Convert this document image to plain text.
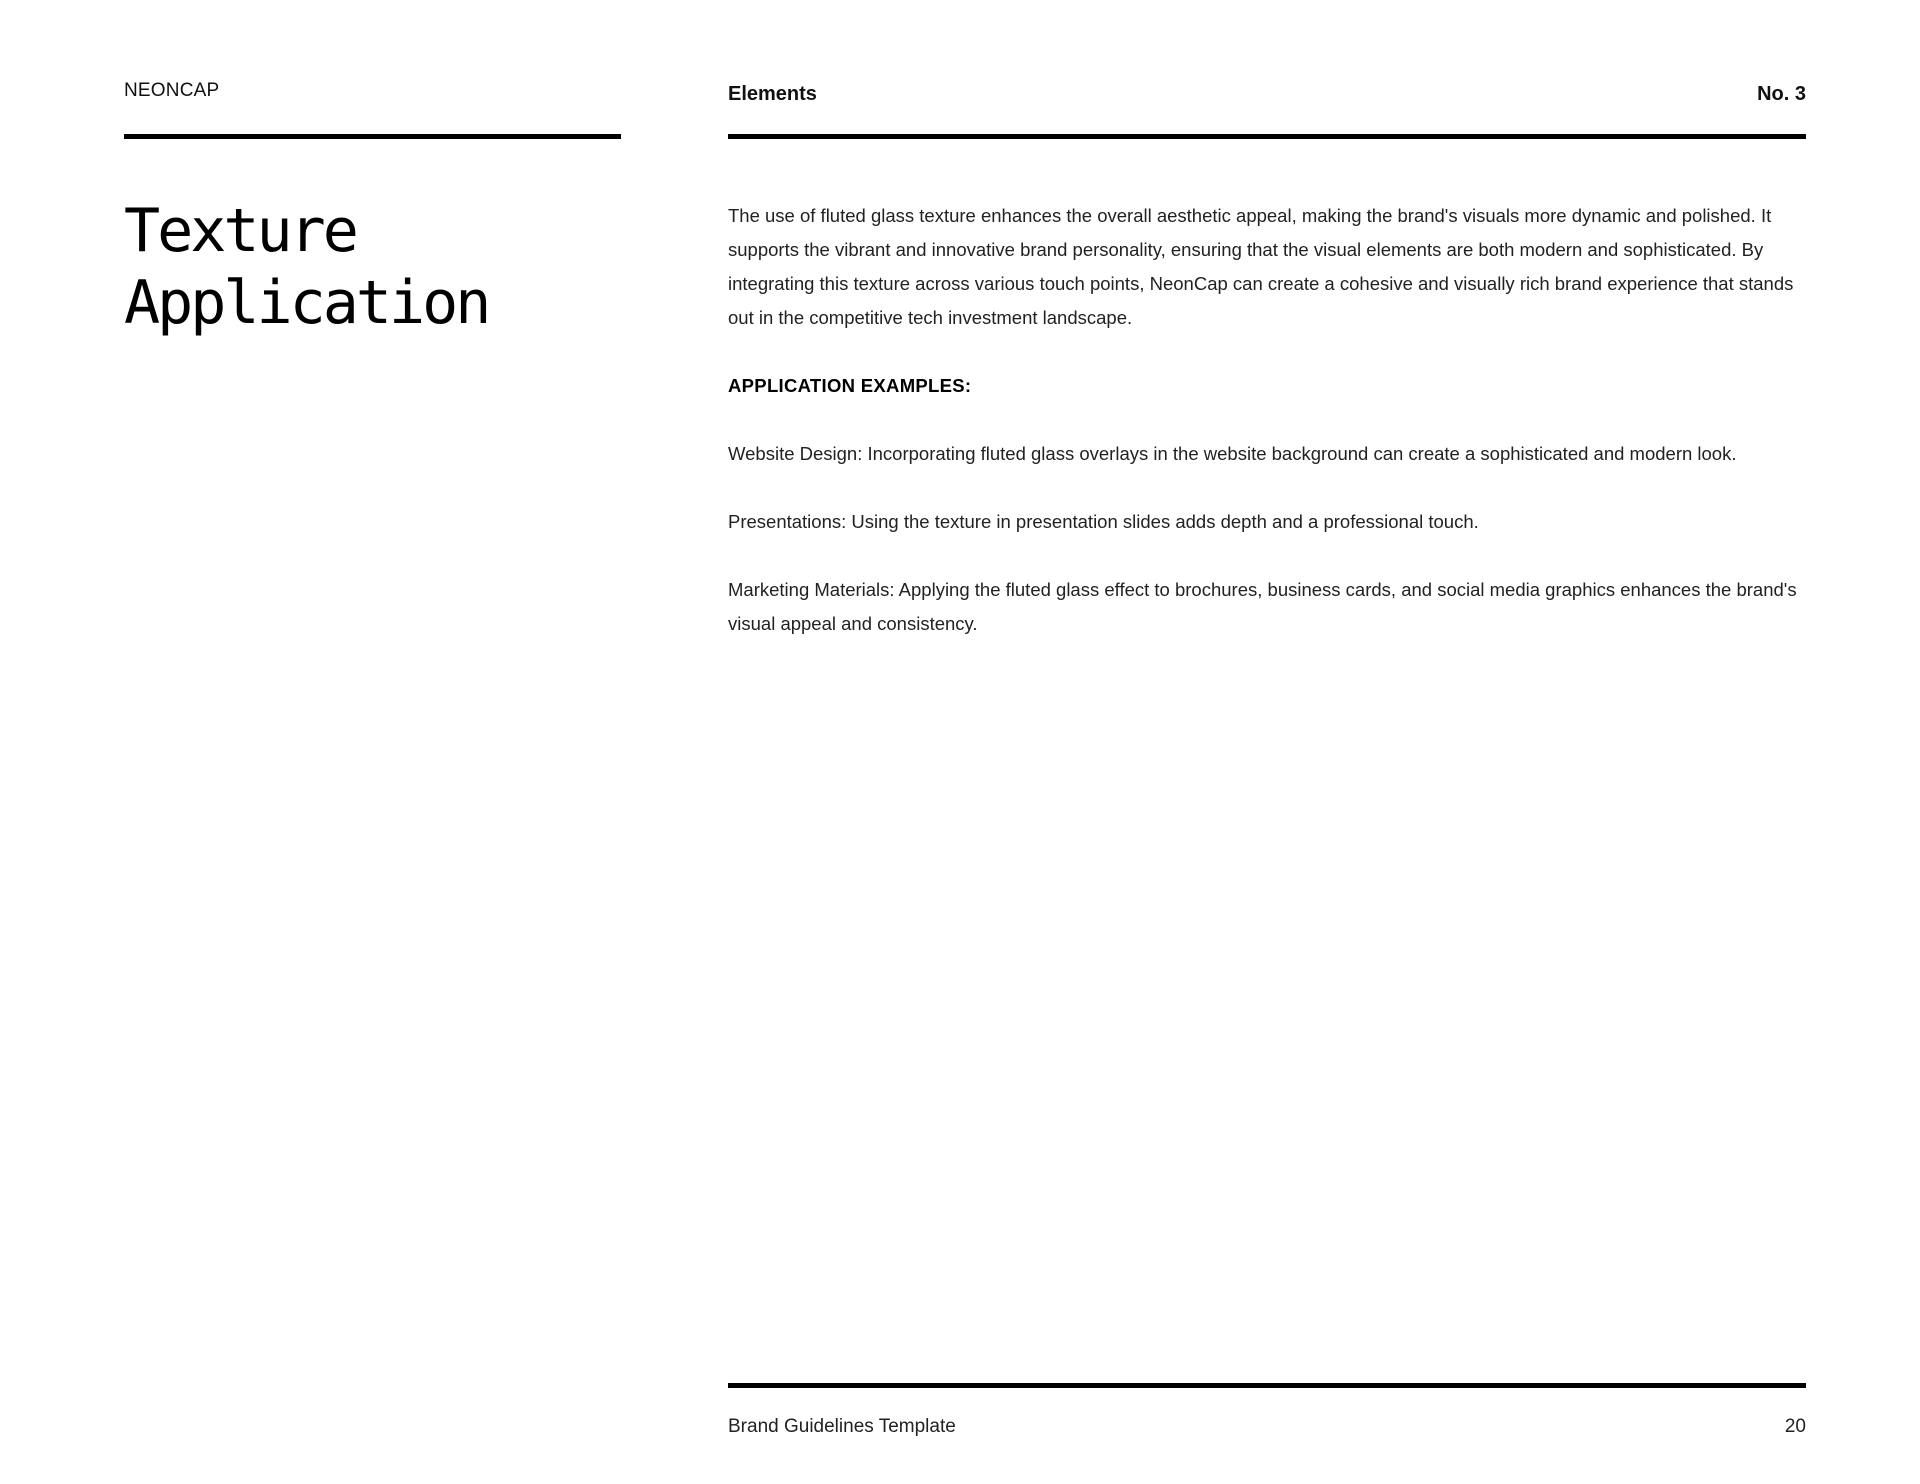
NEONCAP	Elements	No. 3
Texture
Application

The use of fluted glass texture enhances the overall aesthetic appeal, making the brand's visuals more dynamic and polished. It supports the vibrant and innovative brand personality, ensuring that the visual elements are both modern and sophisticated. By integrating this texture across various touch points, NeonCap can create a cohesive and visually rich brand experience that stands out in the competitive tech investment landscape.

APPLICATION EXAMPLES:

Website Design: Incorporating fluted glass overlays in the website background can create a sophisticated and modern look.

Presentations: Using the texture in presentation slides adds depth and a professional touch.

Marketing Materials: Applying the fluted glass effect to brochures, business cards, and social media graphics enhances the brand's visual appeal and consistency.

Brand Guidelines Template	20
